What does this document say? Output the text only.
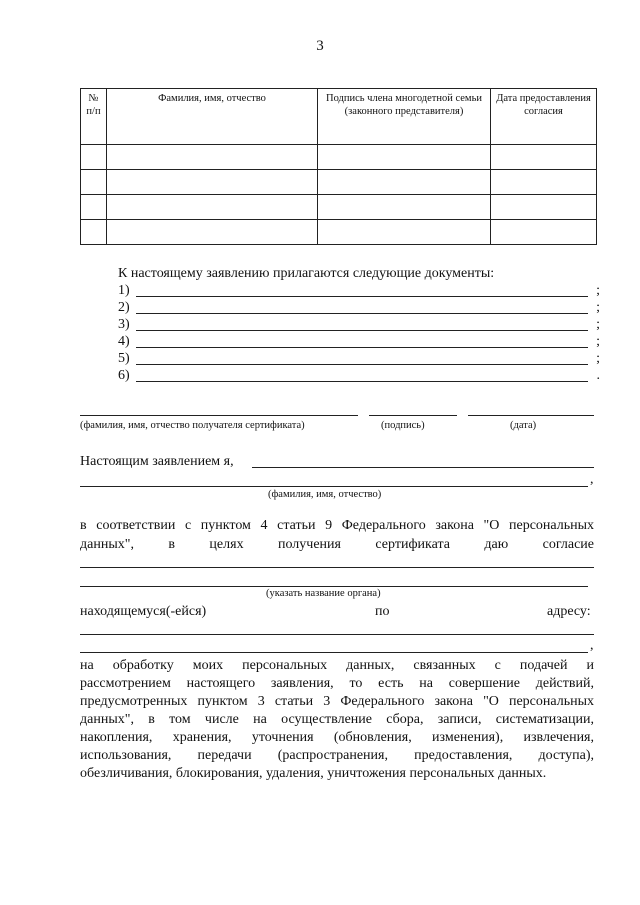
3
№ п/п	Фамилия, имя, отчество	Подпись члена многодетной семьи (законного представителя)	Дата предоставления согласия

К настоящему заявлению прилагаются следующие документы:
1)	;
2)	;
3)	;
4)	;
5)	;
6)	.
(фамилия, имя, отчество получателя сертификата)	(подпись)	(дата)
Настоящим заявлением я,
,
(фамилия, имя, отчество)
в соответствии с пунктом 4 статьи 9 Федерального закона "О персональных
данных", в целях получения сертификата даю согласие
(указать название органа)
находящемуся(-ейся)	по	адресу:
,
на обработку моих персональных данных, связанных с подачей и
рассмотрением настоящего заявления, то есть на совершение действий,
предусмотренных пунктом 3 статьи 3 Федерального закона "О персональных
данных", в том числе на осуществление сбора, записи, систематизации,
накопления, хранения, уточнения (обновления, изменения), извлечения,
использования, передачи (распространения, предоставления, доступа),
обезличивания, блокирования, удаления, уничтожения персональных данных.
